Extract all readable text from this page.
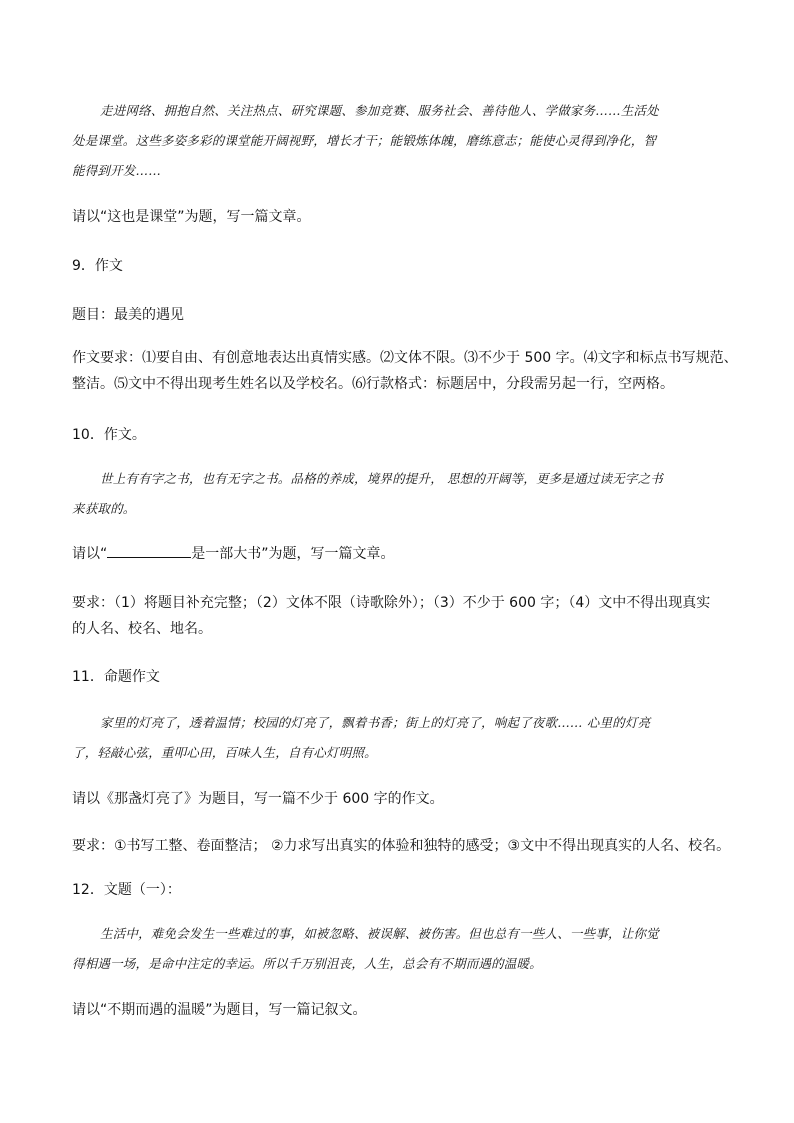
走进网络、拥抱自然、关注热点、研究课题、参加竞赛、服务社会、善待他人、学做家务……生活处
处是课堂。这些多姿多彩的课堂能开阔视野，增长才干；能锻炼体魄，磨练意志；能使心灵得到净化，智
能得到开发……

请以“这也是课堂”为题，写一篇文章。

9．作文

题目：最美的遇见

作文要求：⑴要自由、有创意地表达出真情实感。⑵文体不限。⑶不少于 500 字。⑷文字和标点书写规范、
整洁。⑸文中不得出现考生姓名以及学校名。⑹行款格式：标题居中，分段需另起一行，空两格。

10．作文。

世上有有字之书，也有无字之书。品格的养成，境界的提升， 思想的开阔等，更多是通过读无字之书
来获取的。

请以“	是一部大书”为题，写一篇文章。

要求：（1）将题目补充完整；（2）文体不限（诗歌除外）；（3）不少于 600 字；（4）文中不得出现真实
的人名、校名、地名。

11．命题作文

家里的灯亮了，透着温情；校园的灯亮了，飘着书香；街上的灯亮了，响起了夜歌…… 心里的灯亮
了，轻敲心弦，重叩心田，百味人生，自有心灯明照。

请以《那盏灯亮了》为题目，写一篇不少于 600 字的作文。

要求：①书写工整、卷面整洁； ②力求写出真实的体验和独特的感受；③文中不得出现真实的人名、校名。

12．文题（一）：

生活中，难免会发生一些难过的事，如被忽略、被误解、被伤害。但也总有一些人、一些事，让你觉
得相遇一场，是命中注定的幸运。所以千万别沮丧，人生，总会有不期而遇的温暖。

请以“不期而遇的温暖”为题目，写一篇记叙文。
